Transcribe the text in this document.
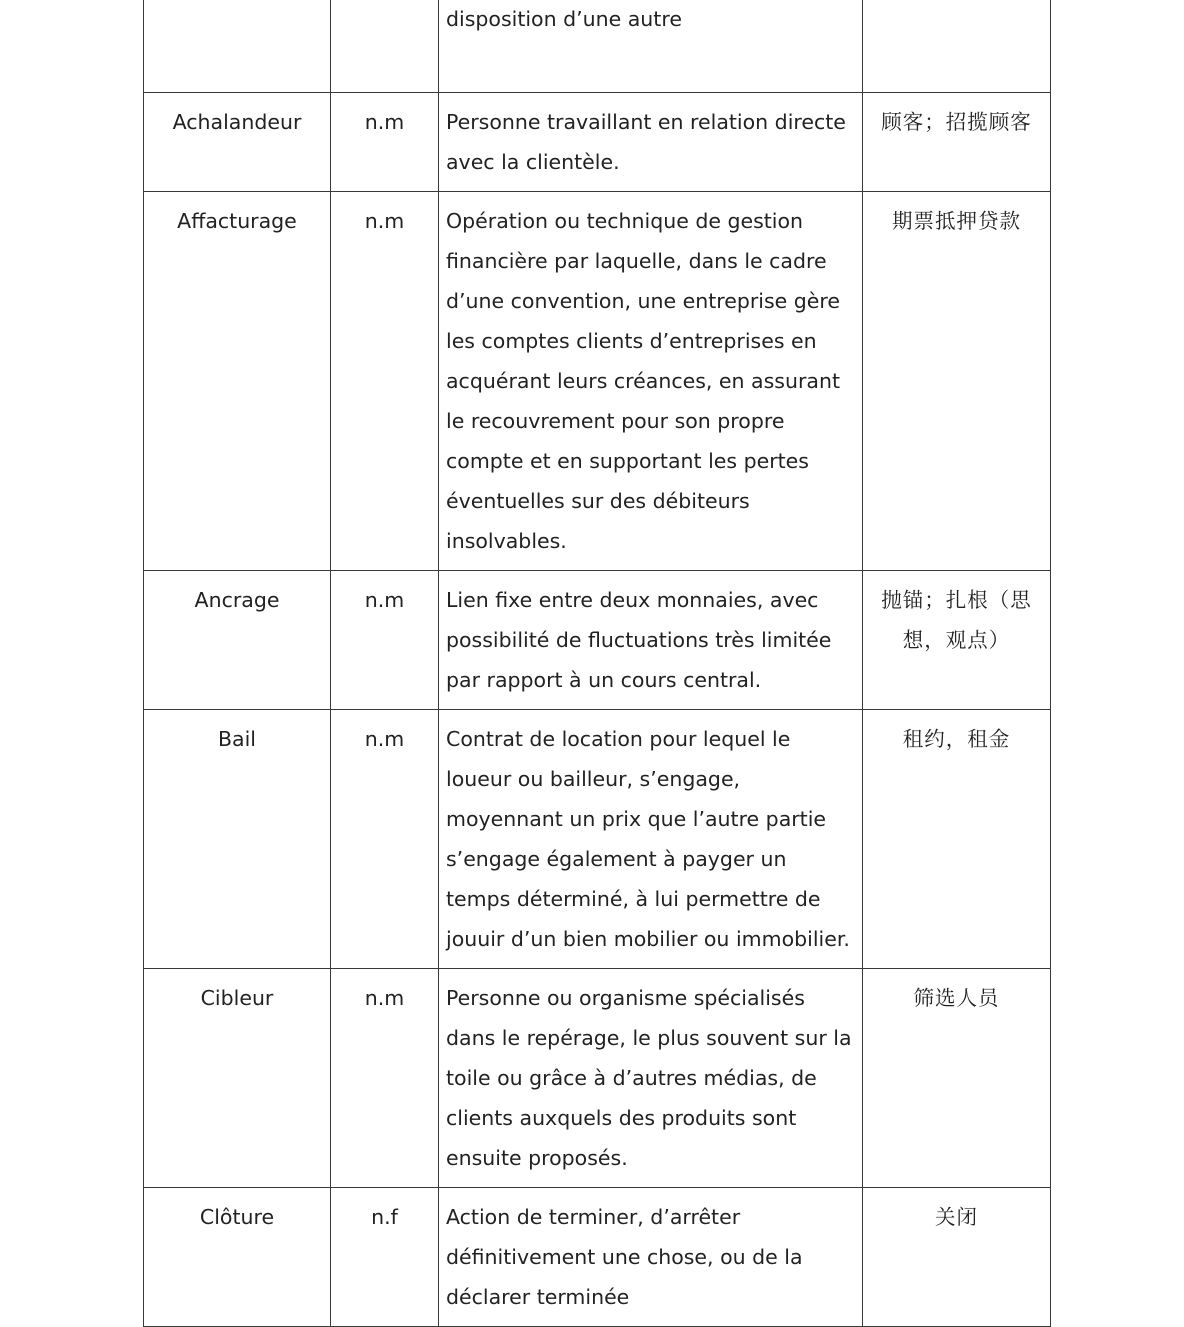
		disposition d’une autre	

Achalandeur	n.m	Personne travaillant en relation directe avec la clientèle.	顾客；招揽顾客

Affacturage	n.m	Opération ou technique de gestion financière par laquelle, dans le cadre d’une convention, une entreprise gère les comptes clients d’entreprises en acquérant leurs créances, en assurant le recouvrement pour son propre compte et en supportant les pertes éventuelles sur des débiteurs insolvables.	期票抵押贷款

Ancrage	n.m	Lien fixe entre deux monnaies, avec possibilité de fluctuations très limitée par rapport à un cours central.	抛锚；扎根（思想，观点）

Bail	n.m	Contrat de location pour lequel le loueur ou bailleur, s’engage, moyennant un prix que l’autre partie s’engage également à payger un temps déterminé, à lui permettre de jouuir d’un bien mobilier ou immobilier.	租约，租金

Cibleur	n.m	Personne ou organisme spécialisés dans le repérage, le plus souvent sur la toile ou grâce à d’autres médias, de clients auxquels des produits sont ensuite proposés.	筛选人员

Clôture	n.f	Action de terminer, d’arrêter définitivement une chose, ou de la déclarer terminée	关闭
